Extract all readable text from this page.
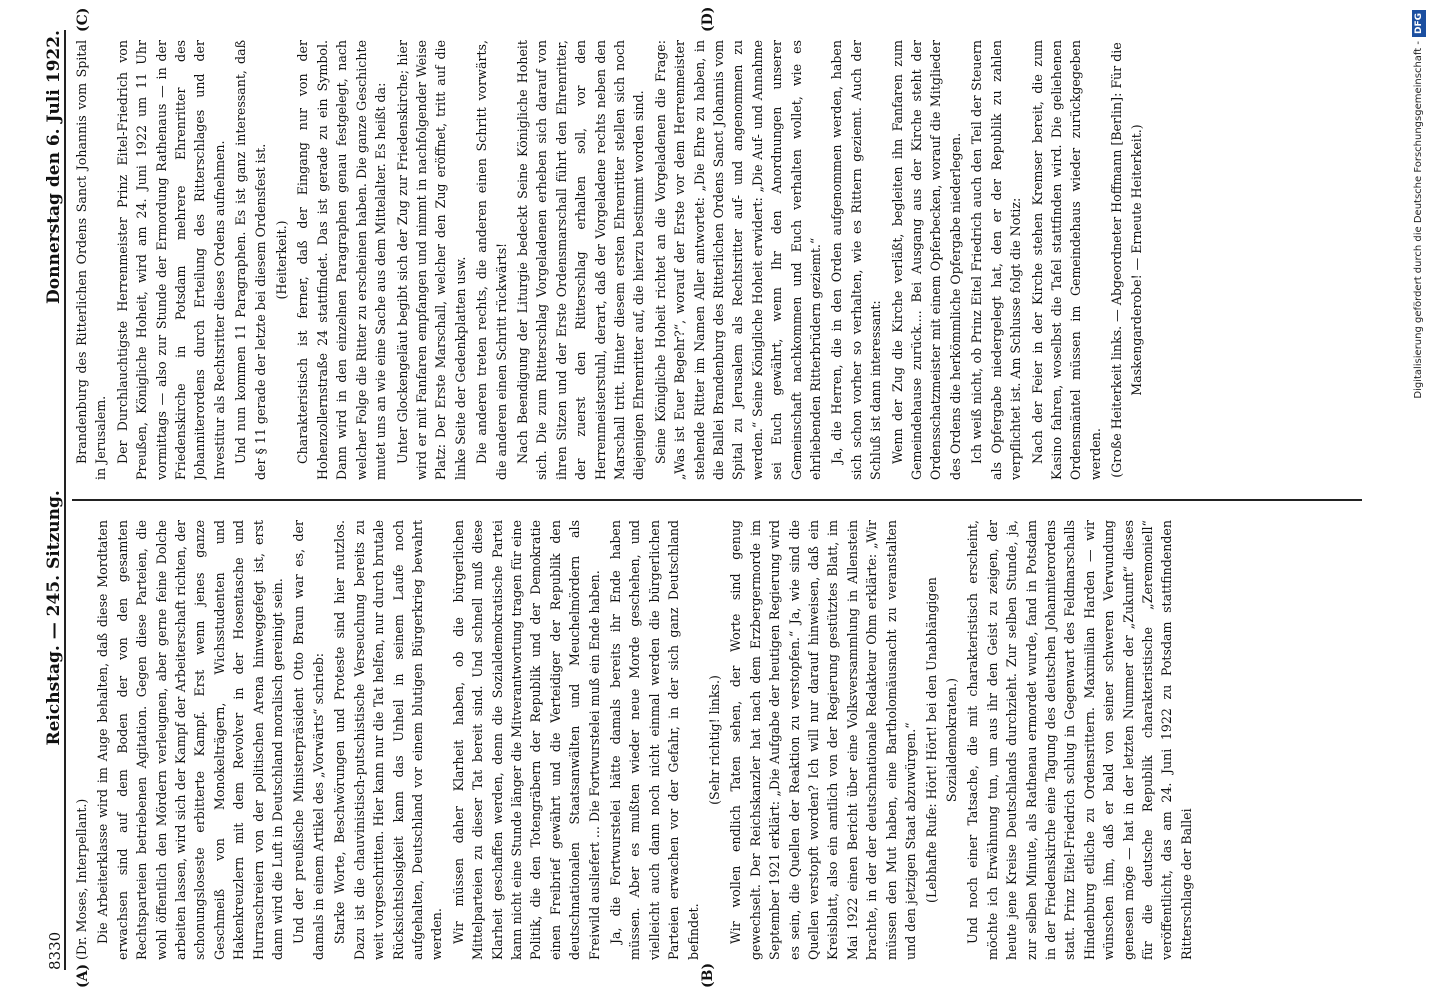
8330
Reichstag. — 245. Sitzung.
Donnerstag den 6. Juli 1922.
(A)	(B)
(C)	(D)

(Dr. Moses, Interpellant.) Die Arbeiterklasse wird im Auge behalten, daß diese Mordtaten erwachsen sind auf dem Boden der von den gesamten Rechtsparteien betriebenen Agitation. Gegen diese Parteien, die wohl öffentlich den Mördern verleugnen, aber gerne feine Dolche arbeiten lassen, wird sich der Kampf der Arbeiterschaft richten, der schonungsloseste erbitterte Kampf. Erst wenn jenes ganze Geschmeiß von Monokelträgern, Wichsstudenten und Hakenkreuzlern mit dem Revolver in der Hosentasche und Hurraschreiern von der politischen Arena hinweggefegt ist, erst dann wird die Luft in Deutschland moralisch gereinigt sein. Und der preußische Ministerpräsident Otto Braun war es, der damals in einem Artikel des „Vorwärts“ schrieb: Starke Worte, Beschwörungen und Proteste sind hier nutzlos. Dazu ist die chauvinistisch-putschistische Verseuchung bereits zu weit vorgeschritten. Hier kann nur die Tat helfen, nur durch brutale Rücksichtslosigkeit kann das Unheil in seinem Laufe noch aufgehalten, Deutschland vor einem blutigen Bürgerkrieg bewahrt werden. Wir müssen daher Klarheit haben, ob die bürgerlichen Mittelparteien zu dieser Tat bereit sind. Und schnell muß diese Klarheit geschaffen werden, denn die Sozialdemokratische Partei kann nicht eine Stunde länger die Mitverantwortung tragen für eine Politik, die den Totengräbern der Republik und der Demokratie einen Freibrief gewährt und die Verteidiger der Republik den deutschnationalen Staatsanwälten und Meuchelmördern als Freiwild ausliefert ... Die Fortwurstelei muß ein Ende haben. Ja, die Fortwurstelei hätte damals bereits ihr Ende haben müssen. Aber es mußten wieder neue Morde geschehen, und vielleicht auch dann noch nicht einmal werden die bürgerlichen Parteien erwachen vor der Gefahr, in der sich ganz Deutschland befindet.

(Sehr richtig! links.) Wir wollen endlich Taten sehen, der Worte sind genug gewechselt. Der Reichskanzler hat nach dem Erzbergermorde im September 1921 erklärt: „Die Aufgabe der heutigen Regierung wird es sein, die Quellen der Reaktion zu verstopfen.“ Ja, wie sind die Quellen verstopft worden? Ich will nur darauf hinweisen, daß ein Kreisblatt, also ein amtlich von der Regierung gestütztes Blatt, im Mai 1922 einen Bericht über eine Volksversammlung in Allenstein brachte, in der der deutschnationale Redakteur Ohm erklärte: „Wir müssen den Mut haben, eine Bartholomäusnacht zu veranstalten und den jetzigen Staat abzuwürgen.“ (Lebhafte Rufe: Hört! Hört! bei den Unabhängigen Sozialdemokraten.) Und noch einer Tatsache, die mit charakteristisch erscheint, möchte ich Erwähnung tun, um aus ihr den Geist zu zeigen, der heute jene Kreise Deutschlands durchzieht. Zur selben Stunde, ja, zur selben Minute, als Rathenau ermordet wurde, fand in Potsdam in der Friedenskirche eine Tagung des deutschen Johanniterordens statt. Prinz Eitel-Friedrich schlug in Gegenwart des Feldmarschalls Hindenburg etliche zu Ordensrittern. Maximilian Harden — wir wünschen ihm, daß er bald von seiner schweren Verwundung genesen möge — hat in der letzten Nummer der „Zukunft“ dieses für die deutsche Republik charakteristische „Zeremoniell“ veröffentlicht, das am 24. Juni 1922 zu Potsdam stattfindenden Ritterschlage der Ballei

Brandenburg des Ritterlichen Ordens Sanct Johannis vom Spital in Jerusalem. Der Durchlauchtigste Herrenmeister Prinz Eitel-Friedrich von Preußen, Königliche Hoheit, wird am 24. Juni 1922 um 11 Uhr vormittags — also zur Stunde der Ermordung Rathenaus — in der Friedenskirche in Potsdam mehrere Ehrenritter des Johanniterordens durch Erteilung des Ritterschlages und der Investitur als Rechtsritter dieses Ordens aufnehmen. Und nun kommen 11 Paragraphen. Es ist ganz interessant, daß der § 11 gerade der letzte bei diesem Ordensfest ist. (Heiterkeit.) Charakteristisch ist ferner, daß der Eingang nur von der Hohenzollernstraße 24 stattfindet. Das ist gerade zu ein Symbol. Dann wird in den einzelnen Paragraphen genau festgelegt, nach welcher Folge die Ritter zu erscheinen haben. Die ganze Geschichte mutet uns an wie eine Sache aus dem Mittelalter. Es heißt da: Unter Glockengeläut begibt sich der Zug zur Friedenskirche; hier wird er mit Fanfaren empfangen und nimmt in nachfolgender Weise Platz: Der Erste Marschall, welcher den Zug eröffnet, tritt auf die linke Seite der Gedenkplatten usw. Die anderen treten rechts, die anderen einen Schritt vorwärts, die anderen einen Schritt rückwärts! Nach Beendigung der Liturgie bedeckt Seine Königliche Hoheit sich. Die zum Ritterschlag Vorgeladenen erheben sich darauf von ihren Sitzen und der Erste Ordensmarschall führt den Ehrenritter, der zuerst den Ritterschlag erhalten soll, vor den Herrenmeisterstuhl, derart, daß der Vorgeladene rechts neben den Marschall tritt. Hinter diesem ersten Ehrenritter stellen sich noch diejenigen Ehrenritter auf, die hierzu bestimmt worden sind. Seine Königliche Hoheit richtet an die Vorgeladenen die Frage: „Was ist Euer Begehr?“, worauf der Erste vor dem Herrenmeister stehende Ritter im Namen Aller antwortet: „Die Ehre zu haben, in die Ballei Brandenburg des Ritterlichen Ordens Sanct Johannis vom Spital zu Jerusalem als Rechtsritter auf- und angenommen zu werden.“ Seine Königliche Hoheit erwidert: „Die Auf- und Annahme sei Euch gewährt, wenn Ihr den Anordnungen unserer Gemeinschaft nachkommen und Euch verhalten wollet, wie es ehrliebenden Ritterbrüdern geziemt.“ Ja, die Herren, die in den Orden aufgenommen werden, haben sich schon vorher so verhalten, wie es Rittern geziemt. Auch der Schluß ist dann interessant: Wenn der Zug die Kirche verläßt, begleiten ihn Fanfaren zum Gemeindehause zurück.... Bei Ausgang aus der Kirche steht der Ordensschatzmeister mit einem Opferbecken, worauf die Mitglieder des Ordens die herkömmliche Opfergabe niederlegen. Ich weiß nicht, ob Prinz Eitel Friedrich auch den Teil der Steuern als Opfergabe niedergelegt hat, den er der Republik zu zahlen verpflichtet ist. Am Schlusse folgt die Notiz: Nach der Feier in der Kirche stehen Kremser bereit, die zum Kasino fahren, woselbst die Tafel stattfinden wird. Die geliehenen Ordensmäntel müssen im Gemeindehaus wieder zurückgegeben werden. (Große Heiterkeit links. — Abgeordneter Hoffmann [Berlin]: Für die Maskengarderobe! — Erneute Heiterkeit.)	Digitalisierung gefördert durch die Deutsche Forschungsgemeinschaft -
DFG
